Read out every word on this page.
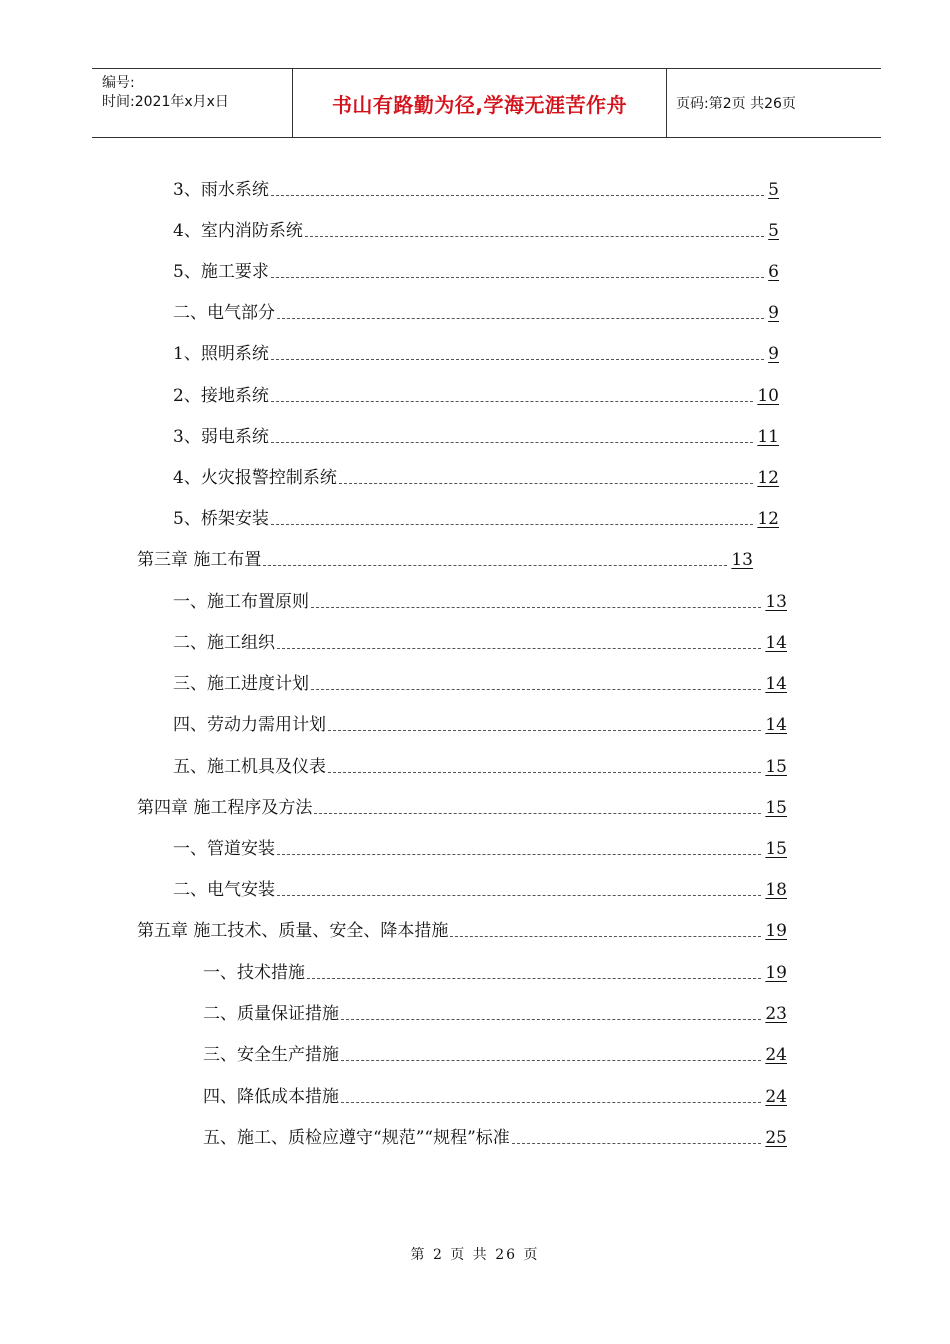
编号:
时间:2021年x月x日	书山有路勤为径,学海无涯苦作舟	页码:第2页 共26页
3、雨水系统	5
4、室内消防系统	5
5、施工要求	6
二、电气部分	9
1、照明系统	9
2、接地系统	10
3、弱电系统	11
4、火灾报警控制系统	12
5、桥架安装	12
第三章 施工布置	13
一、施工布置原则	13
二、施工组织	14
三、施工进度计划	14
四、劳动力需用计划	14
五、施工机具及仪表	15
第四章 施工程序及方法	15
一、管道安装	15
二、电气安装	18
第五章 施工技术、质量、安全、降本措施	19
一、技术措施	19
二、质量保证措施	23
三、安全生产措施	24
四、降低成本措施	24
五、施工、质检应遵守“规范”“规程”标准	25
第 2 页 共 26 页
